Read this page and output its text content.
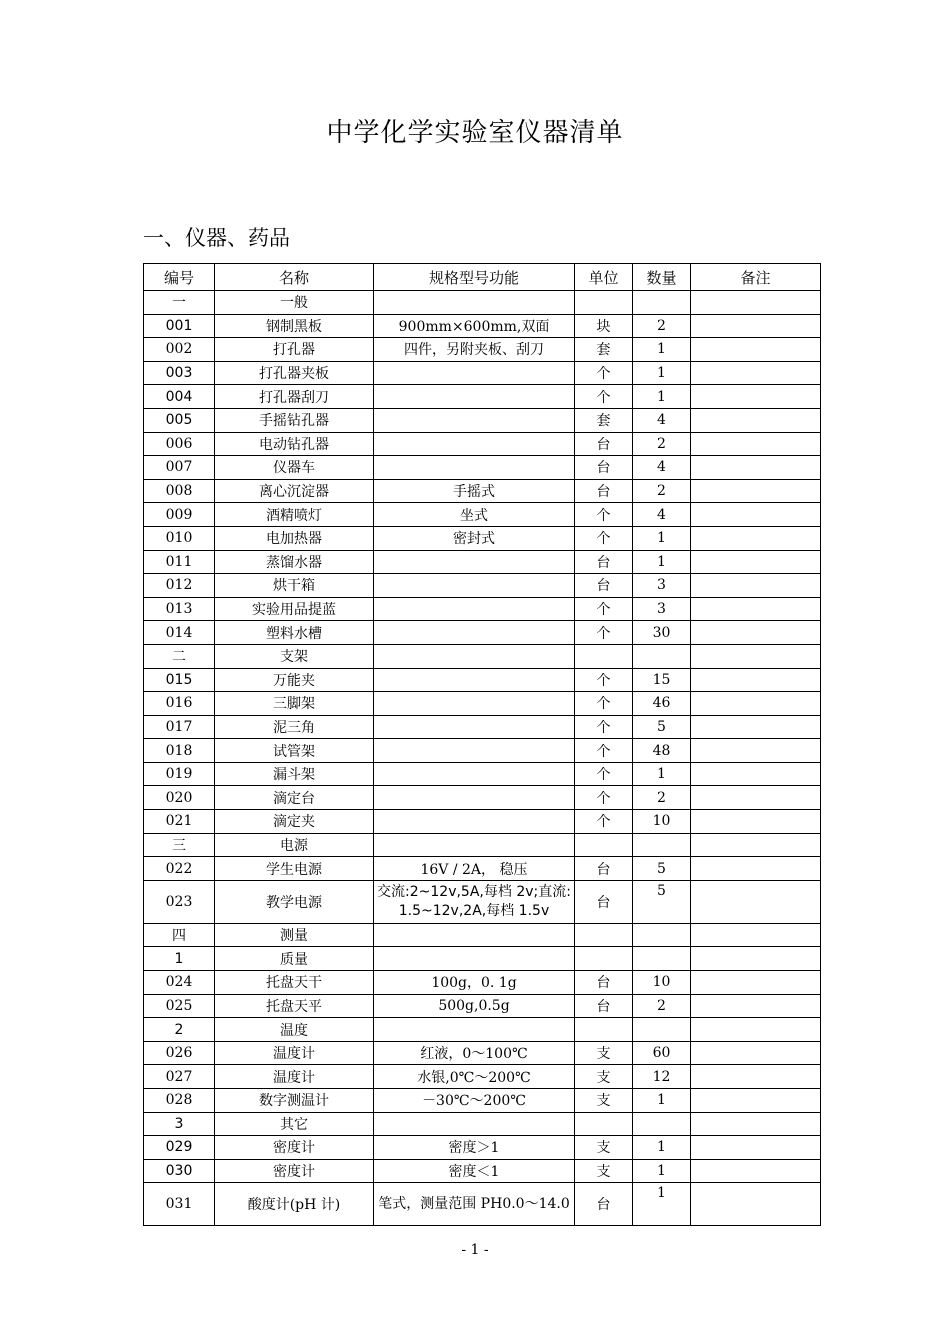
中学化学实验室仪器清单
一、仪器、药品
编号	名称	规格型号功能	单位	数量	备注
一	一般				
001	钢制黑板	900mm×600mm,双面	块	2	
002	打孔器	四件，另附夹板、刮刀	套	1	
003	打孔器夹板		个	1	
004	打孔器刮刀		个	1	
005	手摇钻孔器		套	4	
006	电动钻孔器		台	2	
007	仪器车		台	4	
008	离心沉淀器	手摇式	台	2	
009	酒精喷灯	坐式	个	4	
010	电加热器	密封式	个	1	
011	蒸馏水器		台	1	
012	烘干箱		台	3	
013	实验用品提蓝		个	3	
014	塑料水槽		个	30	
二	支架				
015	万能夹		个	15	
016	三脚架		个	46	
017	泥三角		个	5	
018	试管架		个	48	
019	漏斗架		个	1	
020	滴定台		个	2	
021	滴定夹		个	10	
三	电源				
022	学生电源	16V / 2A， 稳压	台	5	
023	教学电源	交流:2~12v,5A,每档 2v;直流: 1.5~12v,2A,每档 1.5v	台	5	
四	测量				
1	质量				
024	托盘天干	100g，0. 1g	台	10	
025	托盘天平	500g,0.5g	台	2	
2	温度				
026	温度计	红液，0～100℃	支	60	
027	温度计	水银,0℃～200℃	支	12	
028	数字测温计	－30℃～200℃	支	1	
3	其它				
029	密度计	密度＞1	支	1	
030	密度计	密度＜1	支	1	
031	酸度计(pH 计)	笔式，测量范围 PH0.0～14.0	台	1	
- 1 -
